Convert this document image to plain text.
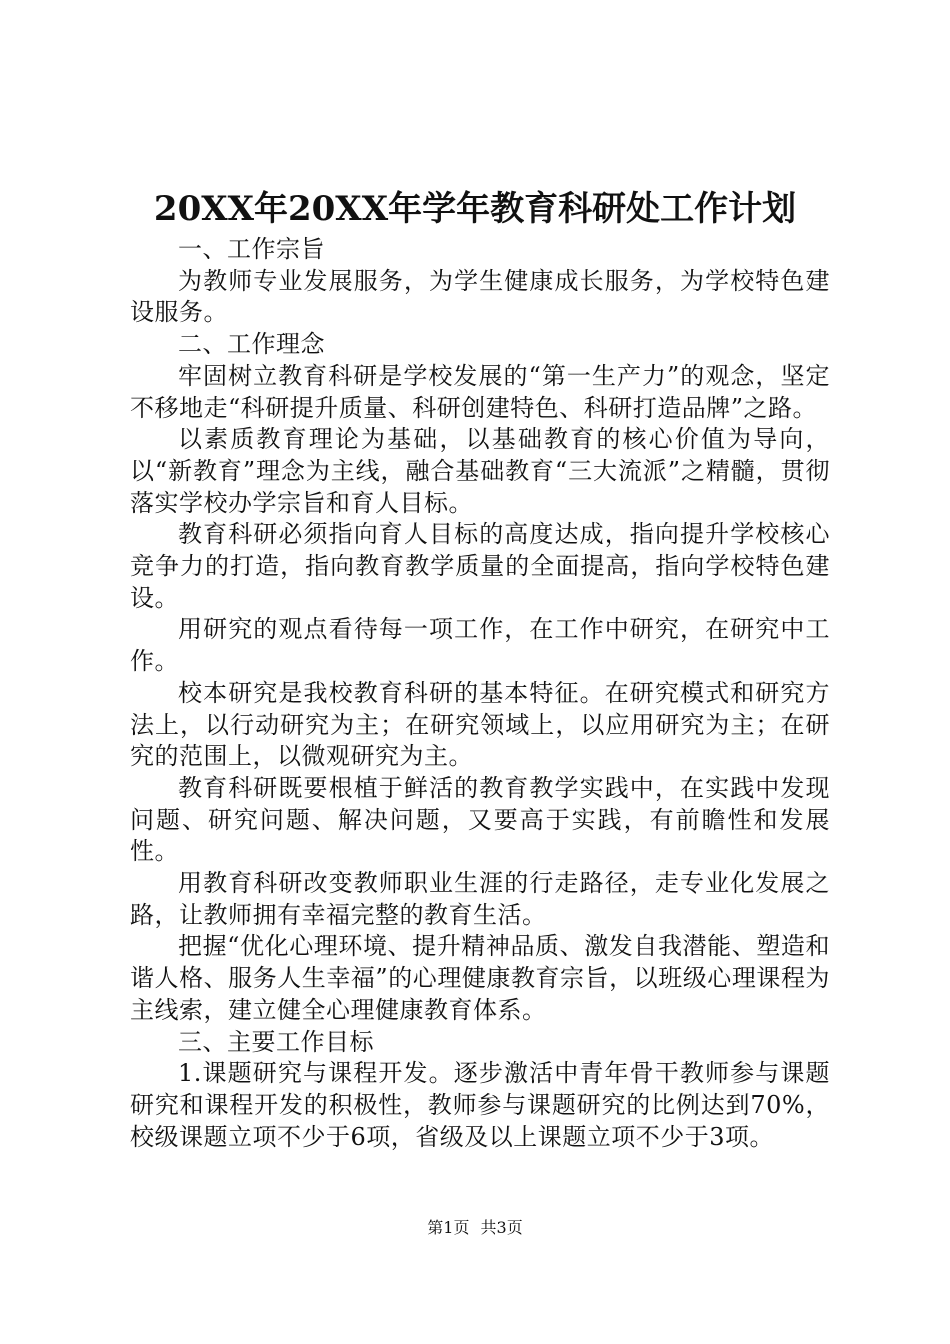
20XX年20XX年学年教育科研处工作计划

一、工作宗旨

为教师专业发展服务，为学生健康成长服务，为学校特色建设服务。

二、工作理念

牢固树立教育科研是学校发展的“第一生产力”的观念，坚定不移地走“科研提升质量、科研创建特色、科研打造品牌”之路。

以素质教育理论为基础，以基础教育的核心价值为导向，以“新教育”理念为主线，融合基础教育“三大流派”之精髓，贯彻落实学校办学宗旨和育人目标。

教育科研必须指向育人目标的高度达成，指向提升学校核心竞争力的打造，指向教育教学质量的全面提高，指向学校特色建设。

用研究的观点看待每一项工作，在工作中研究，在研究中工作。

校本研究是我校教育科研的基本特征。在研究模式和研究方法上，以行动研究为主；在研究领域上，以应用研究为主；在研究的范围上，以微观研究为主。

教育科研既要根植于鲜活的教育教学实践中，在实践中发现问题、研究问题、解决问题，又要高于实践，有前瞻性和发展性。

用教育科研改变教师职业生涯的行走路径，走专业化发展之路，让教师拥有幸福完整的教育生活。

把握“优化心理环境、提升精神品质、激发自我潜能、塑造和谐人格、服务人生幸福”的心理健康教育宗旨，以班级心理课程为主线索，建立健全心理健康教育体系。

三、主要工作目标

1.课题研究与课程开发。逐步激活中青年骨干教师参与课题研究和课程开发的积极性，教师参与课题研究的比例达到70%，校级课题立项不少于6项，省级及以上课题立项不少于3项。

第1页 共3页
